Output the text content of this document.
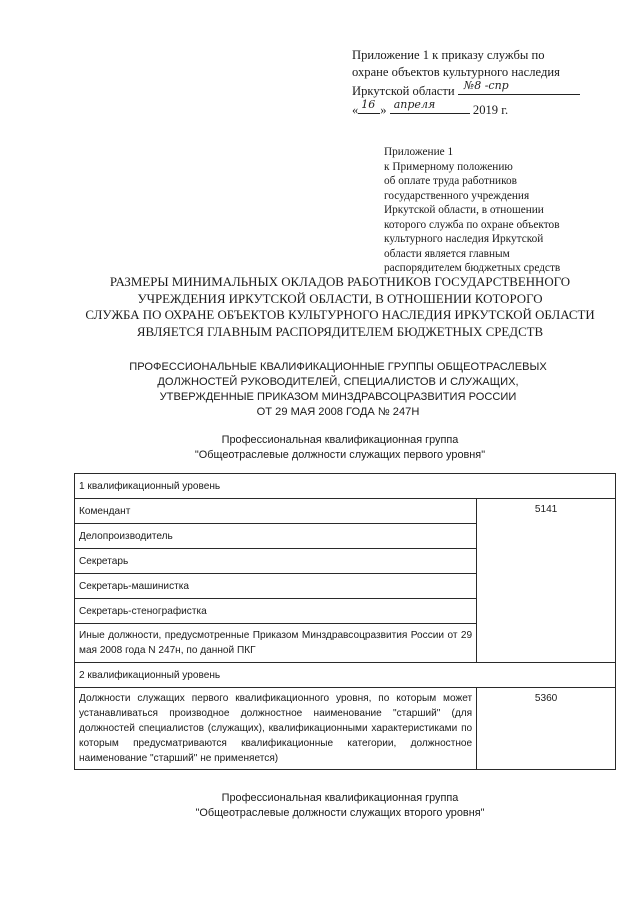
Приложение 1 к приказу службы по
охране объектов культурного наследия
Иркутской области №8 -спр
« 16 » апреля	2019 г.
Приложение 1
к Примерному положению
об оплате труда работников
государственного учреждения
Иркутской области, в отношении
которого служба по охране объектов
культурного наследия Иркутской
области является главным
распорядителем бюджетных средств
РАЗМЕРЫ МИНИМАЛЬНЫХ ОКЛАДОВ РАБОТНИКОВ ГОСУДАРСТВЕННОГО
УЧРЕЖДЕНИЯ ИРКУТСКОЙ ОБЛАСТИ, В ОТНОШЕНИИ КОТОРОГО
СЛУЖБА ПО ОХРАНЕ ОБЪЕКТОВ КУЛЬТУРНОГО НАСЛЕДИЯ ИРКУТСКОЙ ОБЛАСТИ
ЯВЛЯЕТСЯ ГЛАВНЫМ РАСПОРЯДИТЕЛЕМ БЮДЖЕТНЫХ СРЕДСТВ
ПРОФЕССИОНАЛЬНЫЕ КВАЛИФИКАЦИОННЫЕ ГРУППЫ ОБЩЕОТРАСЛЕВЫХ
ДОЛЖНОСТЕЙ РУКОВОДИТЕЛЕЙ, СПЕЦИАЛИСТОВ И СЛУЖАЩИХ,
УТВЕРЖДЕННЫЕ ПРИКАЗОМ МИНЗДРАВСОЦРАЗВИТИЯ РОССИИ
ОТ 29 МАЯ 2008 ГОДА № 247Н
Профессиональная квалификационная группа
"Общеотраслевые должности служащих первого уровня"
1 квалификационный уровень	
Комендант	5141
Делопроизводитель	
Секретарь	
Секретарь-машинистка	
Секретарь-стенографистка	
Иные должности, предусмотренные Приказом Минздравсоцразвития России от 29 мая 2008 года N 247н, по данной ПКГ	
2 квалификационный уровень	
Должности служащих первого квалификационного уровня, по которым может устанавливаться производное должностное наименование "старший" (для должностей специалистов (служащих), квалификационными характеристиками по которым предусматриваются квалификационные категории, должностное наименование "старший" не применяется)	5360
Профессиональная квалификационная группа
"Общеотраслевые должности служащих второго уровня"
